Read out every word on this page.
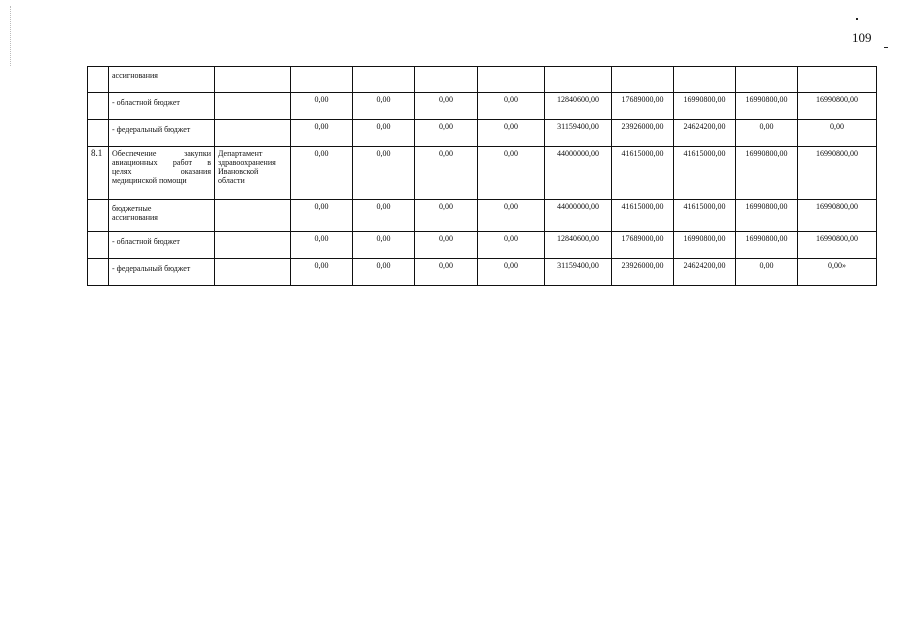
109
	ассигнования										
	- областной бюджет		0,00	0,00	0,00	0,00	12840600,00	17689000,00	16990800,00	16990800,00	16990800,00
	- федеральный бюджет		0,00	0,00	0,00	0,00	31159400,00	23926000,00	24624200,00	0,00	0,00
8.1	Обеспечение закупки
авиационных работ в
целях оказания
медицинской помощи	Департамент
здравоохранения
Ивановской
области	0,00	0,00	0,00	0,00	44000000,00	41615000,00	41615000,00	16990800,00	16990800,00

	бюджетные
ассигнования		0,00	0,00	0,00	0,00	44000000,00	41615000,00	41615000,00	16990800,00	16990800,00
	- областной бюджет		0,00	0,00	0,00	0,00	12840600,00	17689000,00	16990800,00	16990800,00	16990800,00
	- федеральный бюджет		0,00	0,00	0,00	0,00	31159400,00	23926000,00	24624200,00	0,00	0,00»
